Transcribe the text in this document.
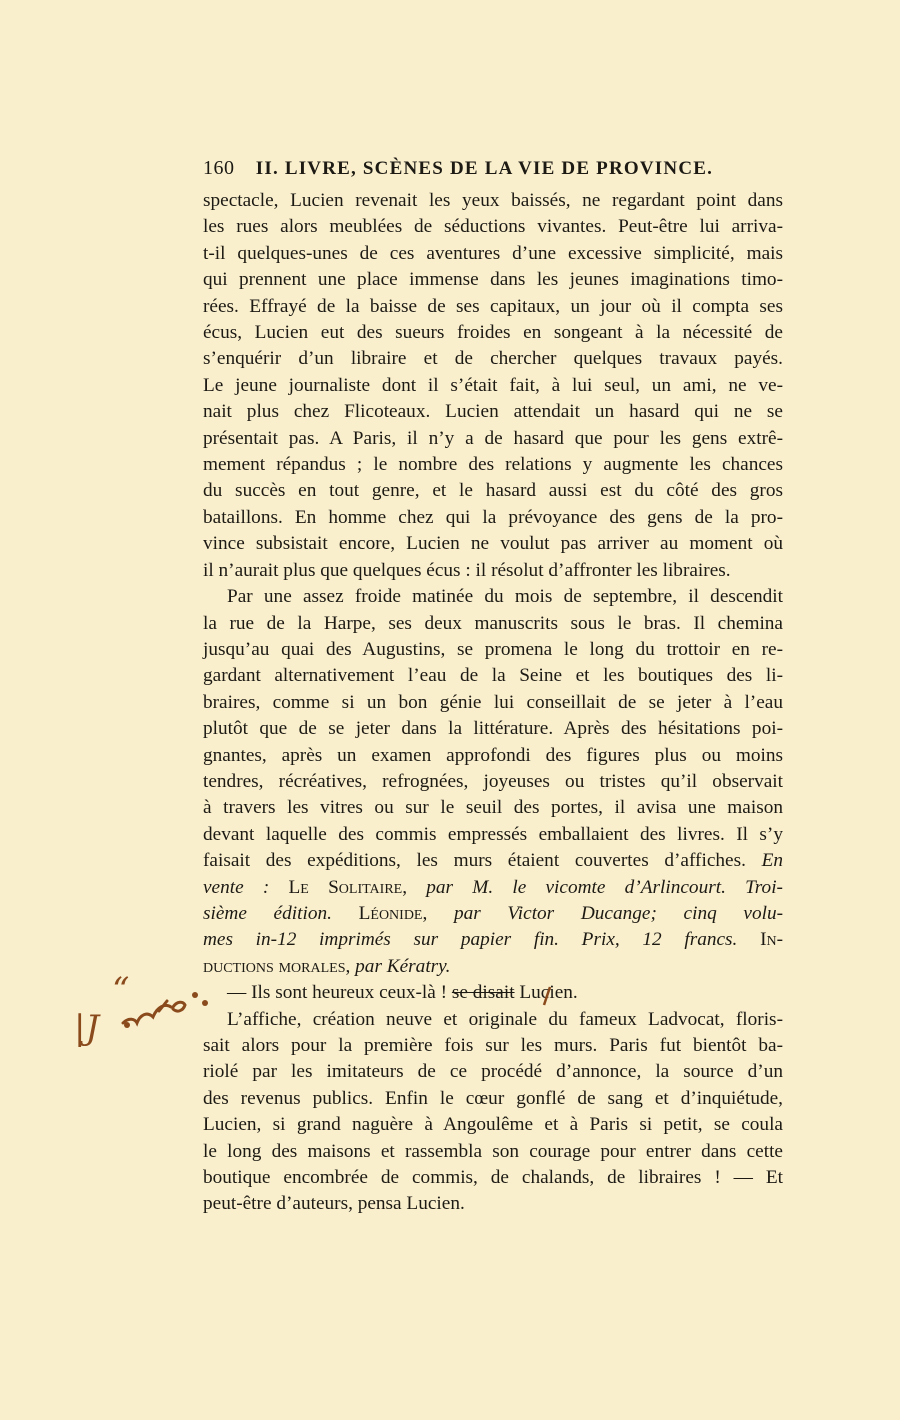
160 II. LIVRE, SCÈNES DE LA VIE DE PROVINCE.
spectacle, Lucien revenait les yeux baissés, ne regardant point dans
les rues alors meublées de séductions vivantes. Peut-être lui arriva-
t-il quelques-unes de ces aventures d’une excessive simplicité, mais
qui prennent une place immense dans les jeunes imaginations timo-
rées. Effrayé de la baisse de ses capitaux, un jour où il compta ses
écus, Lucien eut des sueurs froides en songeant à la nécessité de
s’enquérir d’un libraire et de chercher quelques travaux payés.
Le jeune journaliste dont il s’était fait, à lui seul, un ami, ne ve-
nait plus chez Flicoteaux. Lucien attendait un hasard qui ne se
présentait pas. A Paris, il n’y a de hasard que pour les gens extrê-
mement répandus ; le nombre des relations y augmente les chances
du succès en tout genre, et le hasard aussi est du côté des gros
bataillons. En homme chez qui la prévoyance des gens de la pro-
vince subsistait encore, Lucien ne voulut pas arriver au moment où
il n’aurait plus que quelques écus : il résolut d’affronter les libraires.
Par une assez froide matinée du mois de septembre, il descendit
la rue de la Harpe, ses deux manuscrits sous le bras. Il chemina
jusqu’au quai des Augustins, se promena le long du trottoir en re-
gardant alternativement l’eau de la Seine et les boutiques des li-
braires, comme si un bon génie lui conseillait de se jeter à l’eau
plutôt que de se jeter dans la littérature. Après des hésitations poi-
gnantes, après un examen approfondi des figures plus ou moins
tendres, récréatives, refrognées, joyeuses ou tristes qu’il observait
à travers les vitres ou sur le seuil des portes, il avisa une maison
devant laquelle des commis empressés emballaient des livres. Il s’y
faisait des expéditions, les murs étaient couvertes d’affiches. En
vente : Le Solitaire, par M. le vicomte d’Arlincourt. Troi-
sième édition. Léonide, par Victor Ducange; cinq volu-
mes in-12 imprimés sur papier fin. Prix, 12 francs. In-
ductions morales, par Kératry.
— Ils sont heureux ceux-là ! se disait Lucien.
L’affiche, création neuve et originale du fameux Ladvocat, floris-
sait alors pour la première fois sur les murs. Paris fut bientôt ba-
riolé par les imitateurs de ce procédé d’annonce, la source d’un
des revenus publics. Enfin le cœur gonflé de sang et d’inquiétude,
Lucien, si grand naguère à Angoulême et à Paris si petit, se coula
le long des maisons et rassembla son courage pour entrer dans cette
boutique encombrée de commis, de chalands, de libraires ! — Et
peut-être d’auteurs, pensa Lucien.
“
|J
